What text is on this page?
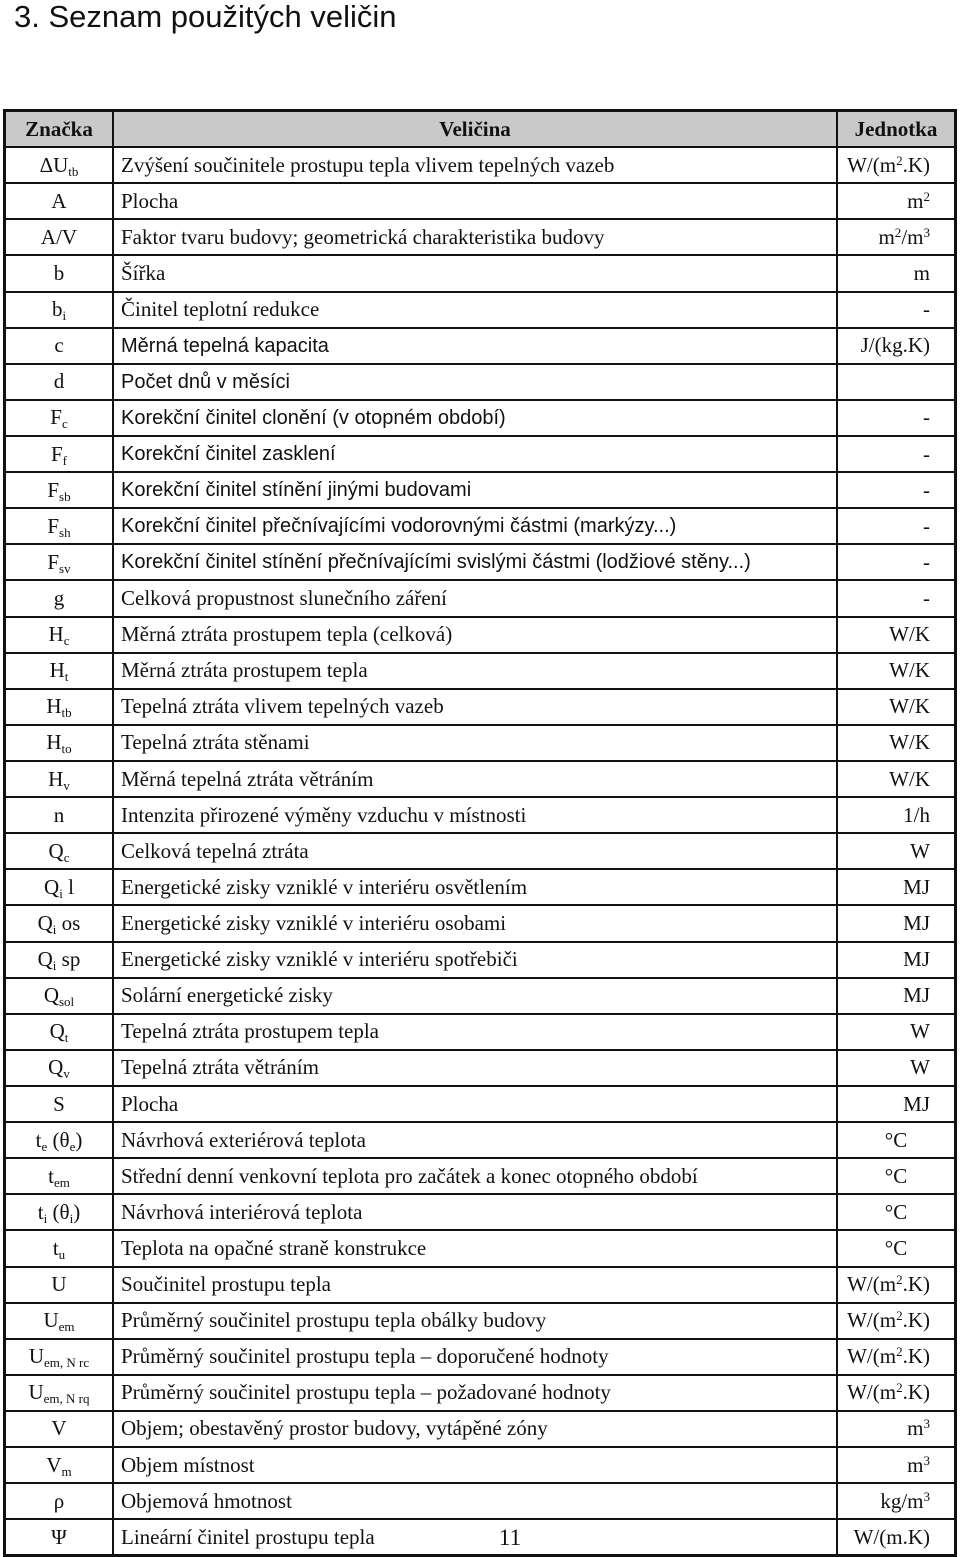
3. Seznam použitých veličin
Značka	Veličina	Jednotka
$\Delta U_{tb}$	Zvýšení součinitele prostupu tepla vlivem tepelných vazeb	$W/(m^2.K)$
A	Plocha	$m^2$
A/V	Faktor tvaru budovy; geometrická charakteristika budovy	$m^2/m^3$
b	Šířka	m
$b_i$	Činitel teplotní redukce	-
c	Měrná tepelná kapacita	J/(kg.K)
d	Počet dnů v měsíci	
$F_c$	Korekční činitel clonění (v otopném období)	-
$F_f$	Korekční činitel zasklení	-
$F_{sb}$	Korekční činitel stínění jinými budovami	-
$F_{sh}$	Korekční činitel přečnívajícími vodorovnými částmi (markýzy...)	-
$F_{sv}$	Korekční činitel stínění přečnívajícími svislými částmi (lodžiové stěny...)	-
g	Celková propustnost slunečního záření	-
$H_c$	Měrná ztráta prostupem tepla (celková)	W/K
$H_t$	Měrná ztráta prostupem tepla	W/K
$H_{tb}$	Tepelná ztráta vlivem tepelných vazeb	W/K
$H_{to}$	Tepelná ztráta stěnami	W/K
$H_v$	Měrná tepelná ztráta větráním	W/K
n	Intenzita přirozené výměny vzduchu v místnosti	1/h
$Q_c$	Celková tepelná ztráta	W
$Q_i$ l	Energetické zisky vzniklé v interiéru osvětlením	MJ
$Q_i$ os	Energetické zisky vzniklé v interiéru osobami	MJ
$Q_i$ sp	Energetické zisky vzniklé v interiéru spotřebiči	MJ
$Q_{sol}$	Solární energetické zisky	MJ
$Q_t$	Tepelná ztráta prostupem tepla	W
$Q_v$	Tepelná ztráta větráním	W
S	Plocha	MJ
$t_e$ $(\theta_e)$	Návrhová exteriérová teplota	°C
$t_{em}$	Střední denní venkovní teplota pro začátek a konec otopného období	°C
$t_i$ $(\theta_i)$	Návrhová interiérová teplota	°C
$t_u$	Teplota na opačné straně konstrukce	°C
U	Součinitel prostupu tepla	$W/(m^2.K)$
$U_{em}$	Průměrný součinitel prostupu tepla obálky budovy	$W/(m^2.K)$
$U_{em, N rc}$	Průměrný součinitel prostupu tepla – doporučené hodnoty	$W/(m^2.K)$
$U_{em, N rq}$	Průměrný součinitel prostupu tepla – požadované hodnoty	$W/(m^2.K)$
V	Objem; obestavěný prostor budovy, vytápěné zóny	$m^3$
$V_m$	Objem místnost	$m^3$
ρ	Objemová hmotnost	$kg/m^3$
Ψ	Lineární činitel prostupu tepla	W/(m.K)
11
